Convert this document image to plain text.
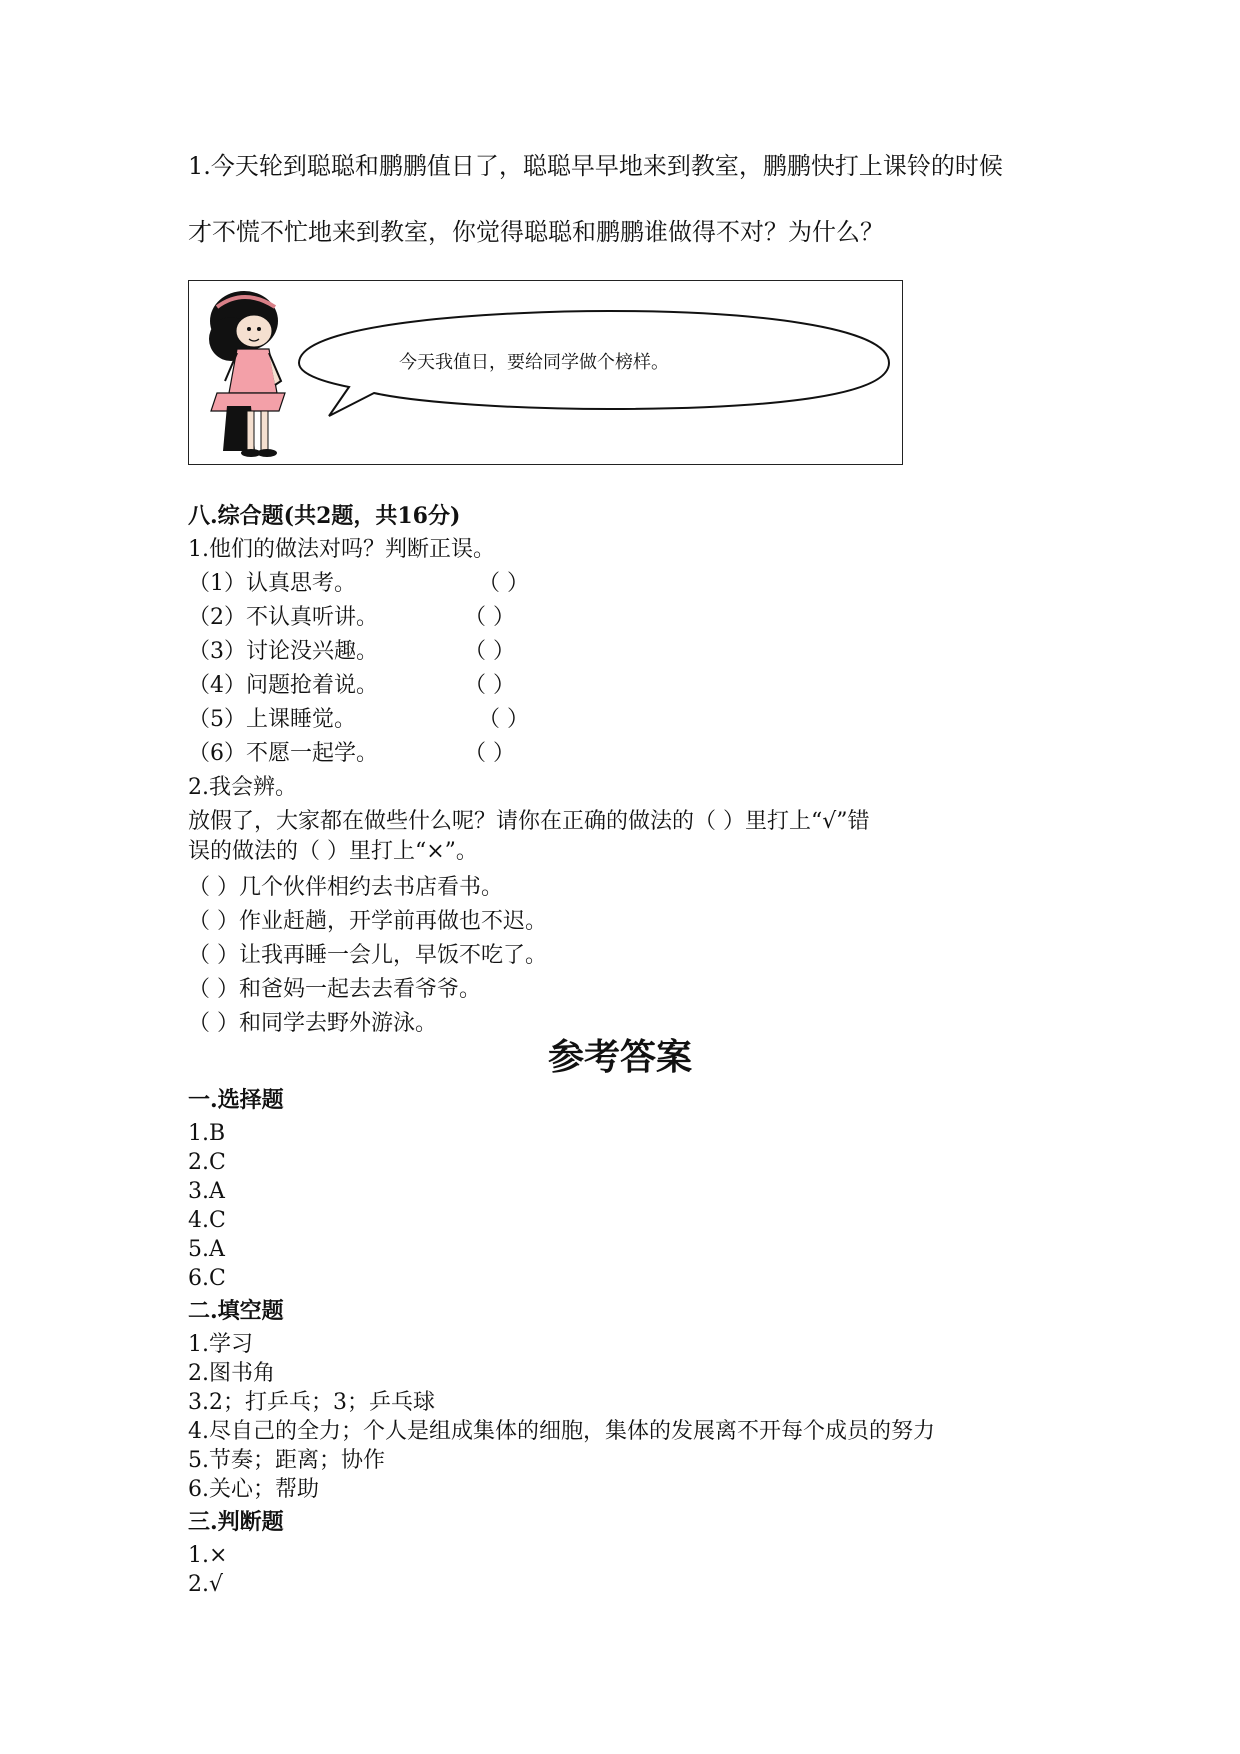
1.今天轮到聪聪和鹏鹏值日了，聪聪早早地来到教室，鹏鹏快打上课铃的时候
才不慌不忙地来到教室，你觉得聪聪和鹏鹏谁做得不对？为什么？
今天我值日，要给同学做个榜样。
八.综合题(共2题，共16分)
1.他们的做法对吗？判断正误。
（1）认真思考。	（ ）
（2）不认真听讲。	（ ）
（3）讨论没兴趣。	（ ）
（4）问题抢着说。	（ ）
（5）上课睡觉。	（ ）
（6）不愿一起学。	（ ）
2.我会辨。
放假了，大家都在做些什么呢？请你在正确的做法的（ ）里打上“√”错
误的做法的（ ）里打上“×”。
（ ）几个伙伴相约去书店看书。
（ ）作业赶趟，开学前再做也不迟。
（ ）让我再睡一会儿，早饭不吃了。
（ ）和爸妈一起去去看爷爷。
（ ）和同学去野外游泳。
参考答案
一.选择题
1.B
2.C
3.A
4.C
5.A
6.C
二.填空题
1.学习
2.图书角
3.2；打乒乓；3；乒乓球
4.尽自己的全力；个人是组成集体的细胞，集体的发展离不开每个成员的努力
5.节奏；距离；协作
6.关心；帮助
三.判断题
1.×
2.√
